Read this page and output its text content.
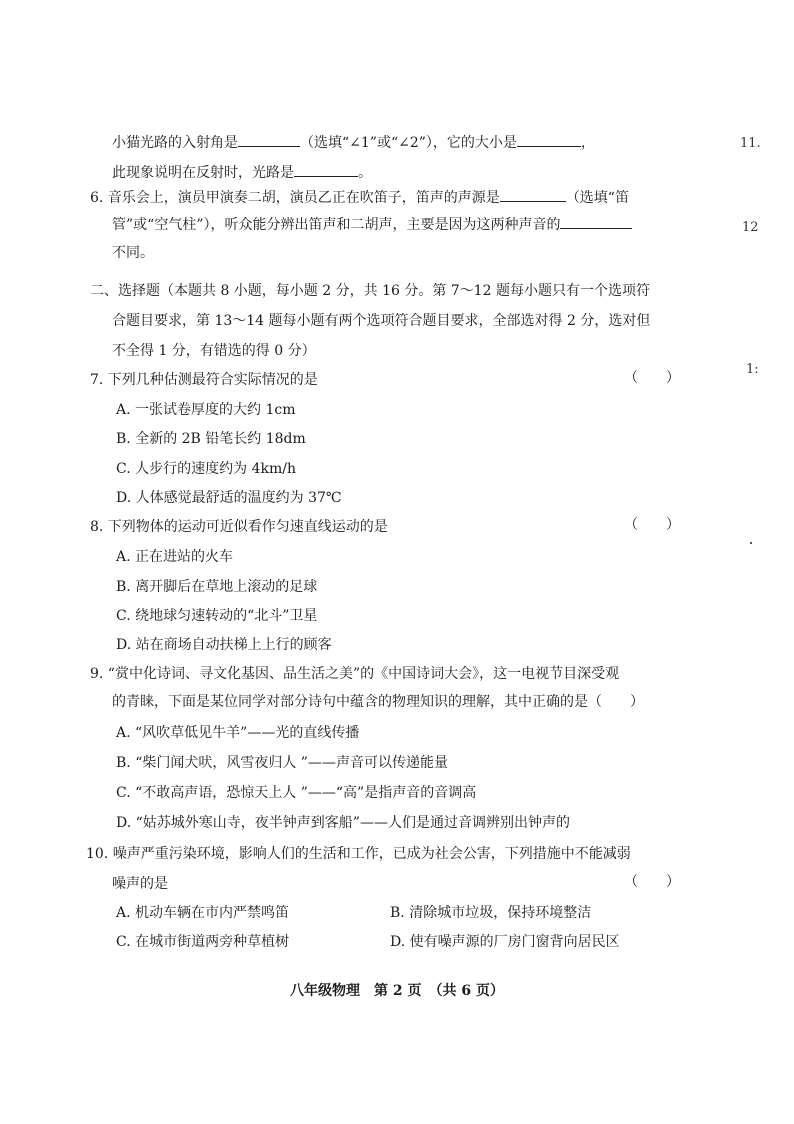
11.
12
1:
小猫光路的入射角是	（选填“∠1”或“∠2”），它的大小是	，
此现象说明在反射时，光路是	。
6. 音乐会上，演员甲演奏二胡，演员乙正在吹笛子，笛声的声源是	（选填“笛
管”或“空气柱”），听众能分辨出笛声和二胡声，主要是因为这两种声音的
不同。
二、选择题（本题共 8 小题，每小题 2 分，共 16 分。第 7～12 题每小题只有一个选项符
合题目要求，第 13～14 题每小题有两个选项符合题目要求，全部选对得 2 分，选对但
不全得 1 分，有错选的得 0 分）
7. 下列几种估测最符合实际情况的是	（　　）
A. 一张试卷厚度的大约 1cm
B. 全新的 2B 铅笔长约 18dm
C. 人步行的速度约为 4km/h
D. 人体感觉最舒适的温度约为 37℃
8. 下列物体的运动可近似看作匀速直线运动的是	（　　）
A. 正在进站的火车
B. 离开脚后在草地上滚动的足球
C. 绕地球匀速转动的“北斗”卫星
D. 站在商场自动扶梯上上行的顾客
9. “赏中化诗词、寻文化基因、品生活之美”的《中国诗词大会》，这一电视节目深受观
的青睐，下面是某位同学对部分诗句中蕴含的物理知识的理解，其中正确的是（　　）
A. “风吹草低见牛羊”——光的直线传播
B. “柴门闻犬吠，风雪夜归人 ”——声音可以传递能量
C. “不敢高声语，恐惊天上人 ”——“高”是指声音的音调高
D. “姑苏城外寒山寺，夜半钟声到客船”——人们是通过音调辨别出钟声的
10. 噪声严重污染环境，影响人们的生活和工作，已成为社会公害，下列措施中不能减弱
噪声的是	（　　）
A. 机动车辆在市内严禁鸣笛	B. 清除城市垃圾，保持环境整洁
C. 在城市街道两旁种草植树	D. 使有噪声源的厂房门窗背向居民区
八年级物理　第 2 页　（共 6 页）
